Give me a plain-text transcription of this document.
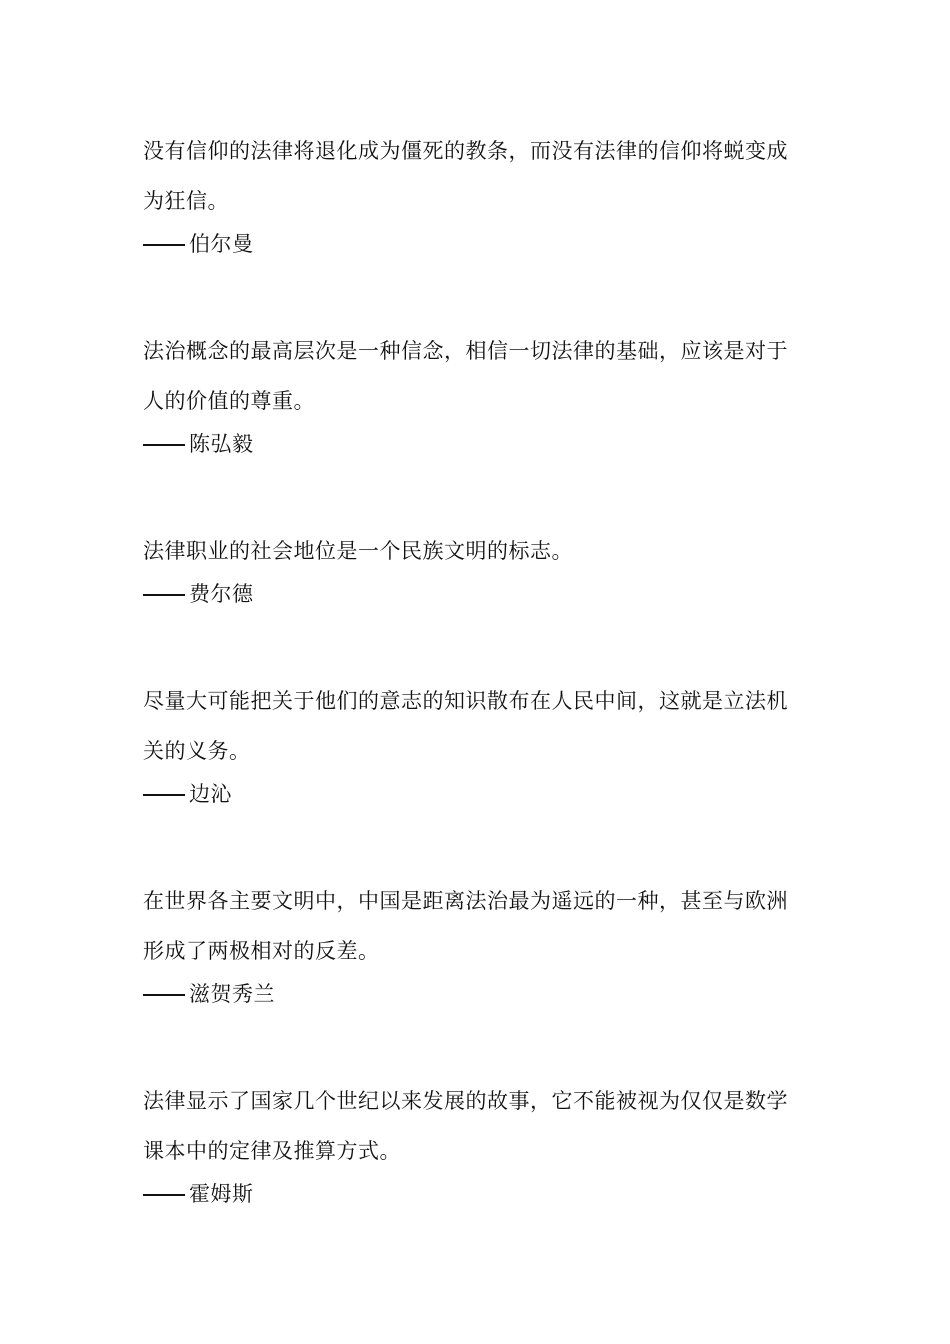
没有信仰的法律将退化成为僵死的教条，而没有法律的信仰将蜕变成为狂信。

伯尔曼

法治概念的最高层次是一种信念，相信一切法律的基础，应该是对于人的价值的尊重。

陈弘毅

法律职业的社会地位是一个民族文明的标志。

费尔德

尽量大可能把关于他们的意志的知识散布在人民中间，这就是立法机关的义务。

边沁

在世界各主要文明中，中国是距离法治最为遥远的一种，甚至与欧洲形成了两极相对的反差。

滋贺秀兰

法律显示了国家几个世纪以来发展的故事，它不能被视为仅仅是数学课本中的定律及推算方式。

霍姆斯
